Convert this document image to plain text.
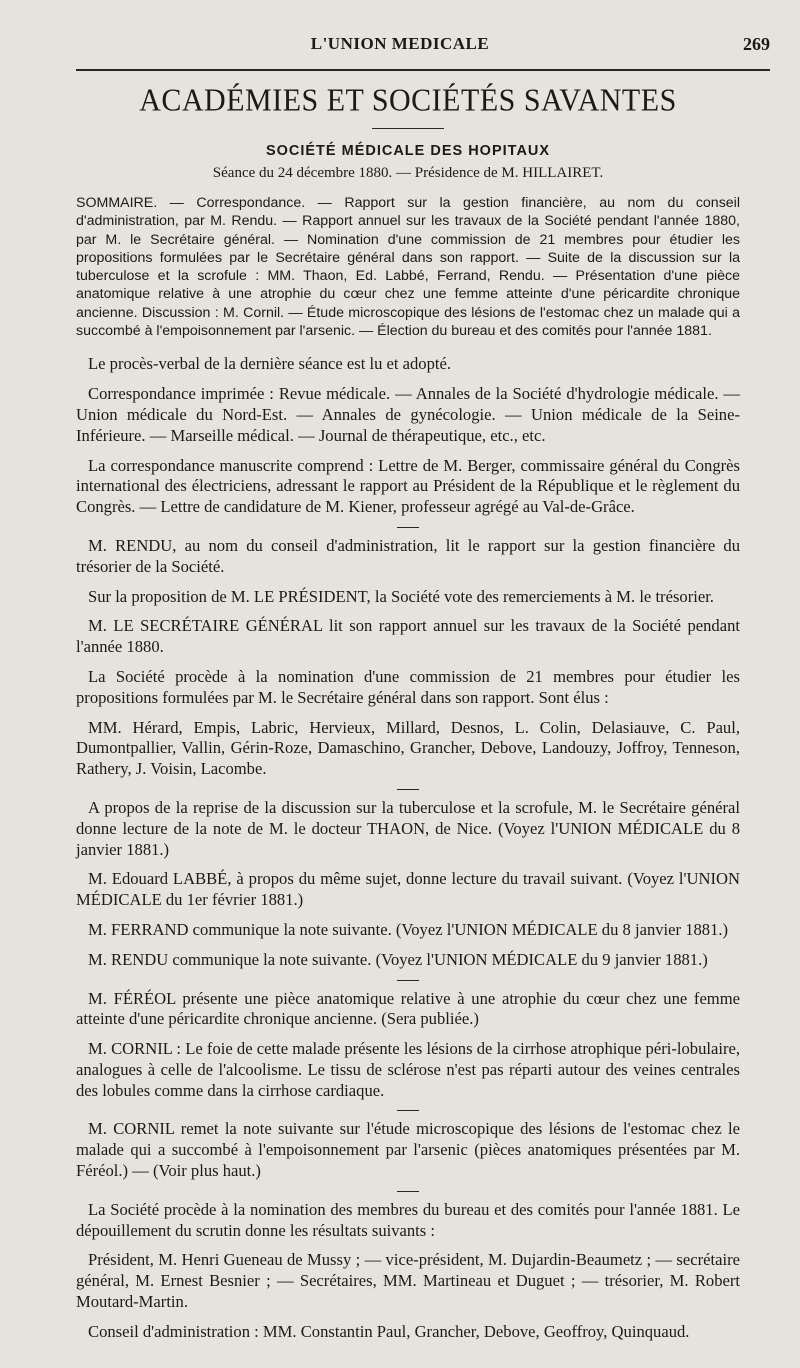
L'UNION MEDICALE	269
ACADÉMIES ET SOCIÉTÉS SAVANTES
SOCIÉTÉ MÉDICALE DES HOPITAUX
Séance du 24 décembre 1880. — Présidence de M. HILLAIRET.

SOMMAIRE. — Correspondance. — Rapport sur la gestion financière, au nom du conseil d'administration, par M. Rendu. — Rapport annuel sur les travaux de la Société pendant l'année 1880, par M. le Secrétaire général. — Nomination d'une commission de 21 membres pour étudier les propositions formulées par le Secrétaire général dans son rapport. — Suite de la discussion sur la tuberculose et la scrofule : MM. Thaon, Ed. Labbé, Ferrand, Rendu. — Présentation d'une pièce anatomique relative à une atrophie du cœur chez une femme atteinte d'une péricardite chronique ancienne. Discussion : M. Cornil. — Étude microscopique des lésions de l'estomac chez un malade qui a succombé à l'empoisonnement par l'arsenic. — Élection du bureau et des comités pour l'année 1881.

Le procès-verbal de la dernière séance est lu et adopté.

Correspondance imprimée : Revue médicale. — Annales de la Société d'hydrologie médicale. — Union médicale du Nord-Est. — Annales de gynécologie. — Union médicale de la Seine-Inférieure. — Marseille médical. — Journal de thérapeutique, etc., etc.

La correspondance manuscrite comprend : Lettre de M. Berger, commissaire général du Congrès international des électriciens, adressant le rapport au Président de la République et le règlement du Congrès. — Lettre de candidature de M. Kiener, professeur agrégé au Val-de-Grâce.

M. RENDU, au nom du conseil d'administration, lit le rapport sur la gestion financière du trésorier de la Société.

Sur la proposition de M. LE PRÉSIDENT, la Société vote des remerciements à M. le trésorier.

M. LE SECRÉTAIRE GÉNÉRAL lit son rapport annuel sur les travaux de la Société pendant l'année 1880.

La Société procède à la nomination d'une commission de 21 membres pour étudier les propositions formulées par M. le Secrétaire général dans son rapport. Sont élus :

MM. Hérard, Empis, Labric, Hervieux, Millard, Desnos, L. Colin, Delasiauve, C. Paul, Dumontpallier, Vallin, Gérin-Roze, Damaschino, Grancher, Debove, Landouzy, Joffroy, Tenneson, Rathery, J. Voisin, Lacombe.

A propos de la reprise de la discussion sur la tuberculose et la scrofule, M. le Secrétaire général donne lecture de la note de M. le docteur THAON, de Nice. (Voyez l'UNION MÉDICALE du 8 janvier 1881.)

M. Edouard LABBÉ, à propos du même sujet, donne lecture du travail suivant. (Voyez l'UNION MÉDICALE du 1er février 1881.)

M. FERRAND communique la note suivante. (Voyez l'UNION MÉDICALE du 8 janvier 1881.)

M. RENDU communique la note suivante. (Voyez l'UNION MÉDICALE du 9 janvier 1881.)

M. FÉRÉOL présente une pièce anatomique relative à une atrophie du cœur chez une femme atteinte d'une péricardite chronique ancienne. (Sera publiée.)

M. CORNIL : Le foie de cette malade présente les lésions de la cirrhose atrophique péri-lobulaire, analogues à celle de l'alcoolisme. Le tissu de sclérose n'est pas réparti autour des veines centrales des lobules comme dans la cirrhose cardiaque.

M. CORNIL remet la note suivante sur l'étude microscopique des lésions de l'estomac chez le malade qui a succombé à l'empoisonnement par l'arsenic (pièces anatomiques présentées par M. Féréol.) — (Voir plus haut.)

La Société procède à la nomination des membres du bureau et des comités pour l'année 1881. Le dépouillement du scrutin donne les résultats suivants :

Président, M. Henri Gueneau de Mussy ; — vice-président, M. Dujardin-Beaumetz ; — secrétaire général, M. Ernest Besnier ; — Secrétaires, MM. Martineau et Duguet ; — trésorier, M. Robert Moutard-Martin.

Conseil d'administration : MM. Constantin Paul, Grancher, Debove, Geoffroy, Quinquaud.
